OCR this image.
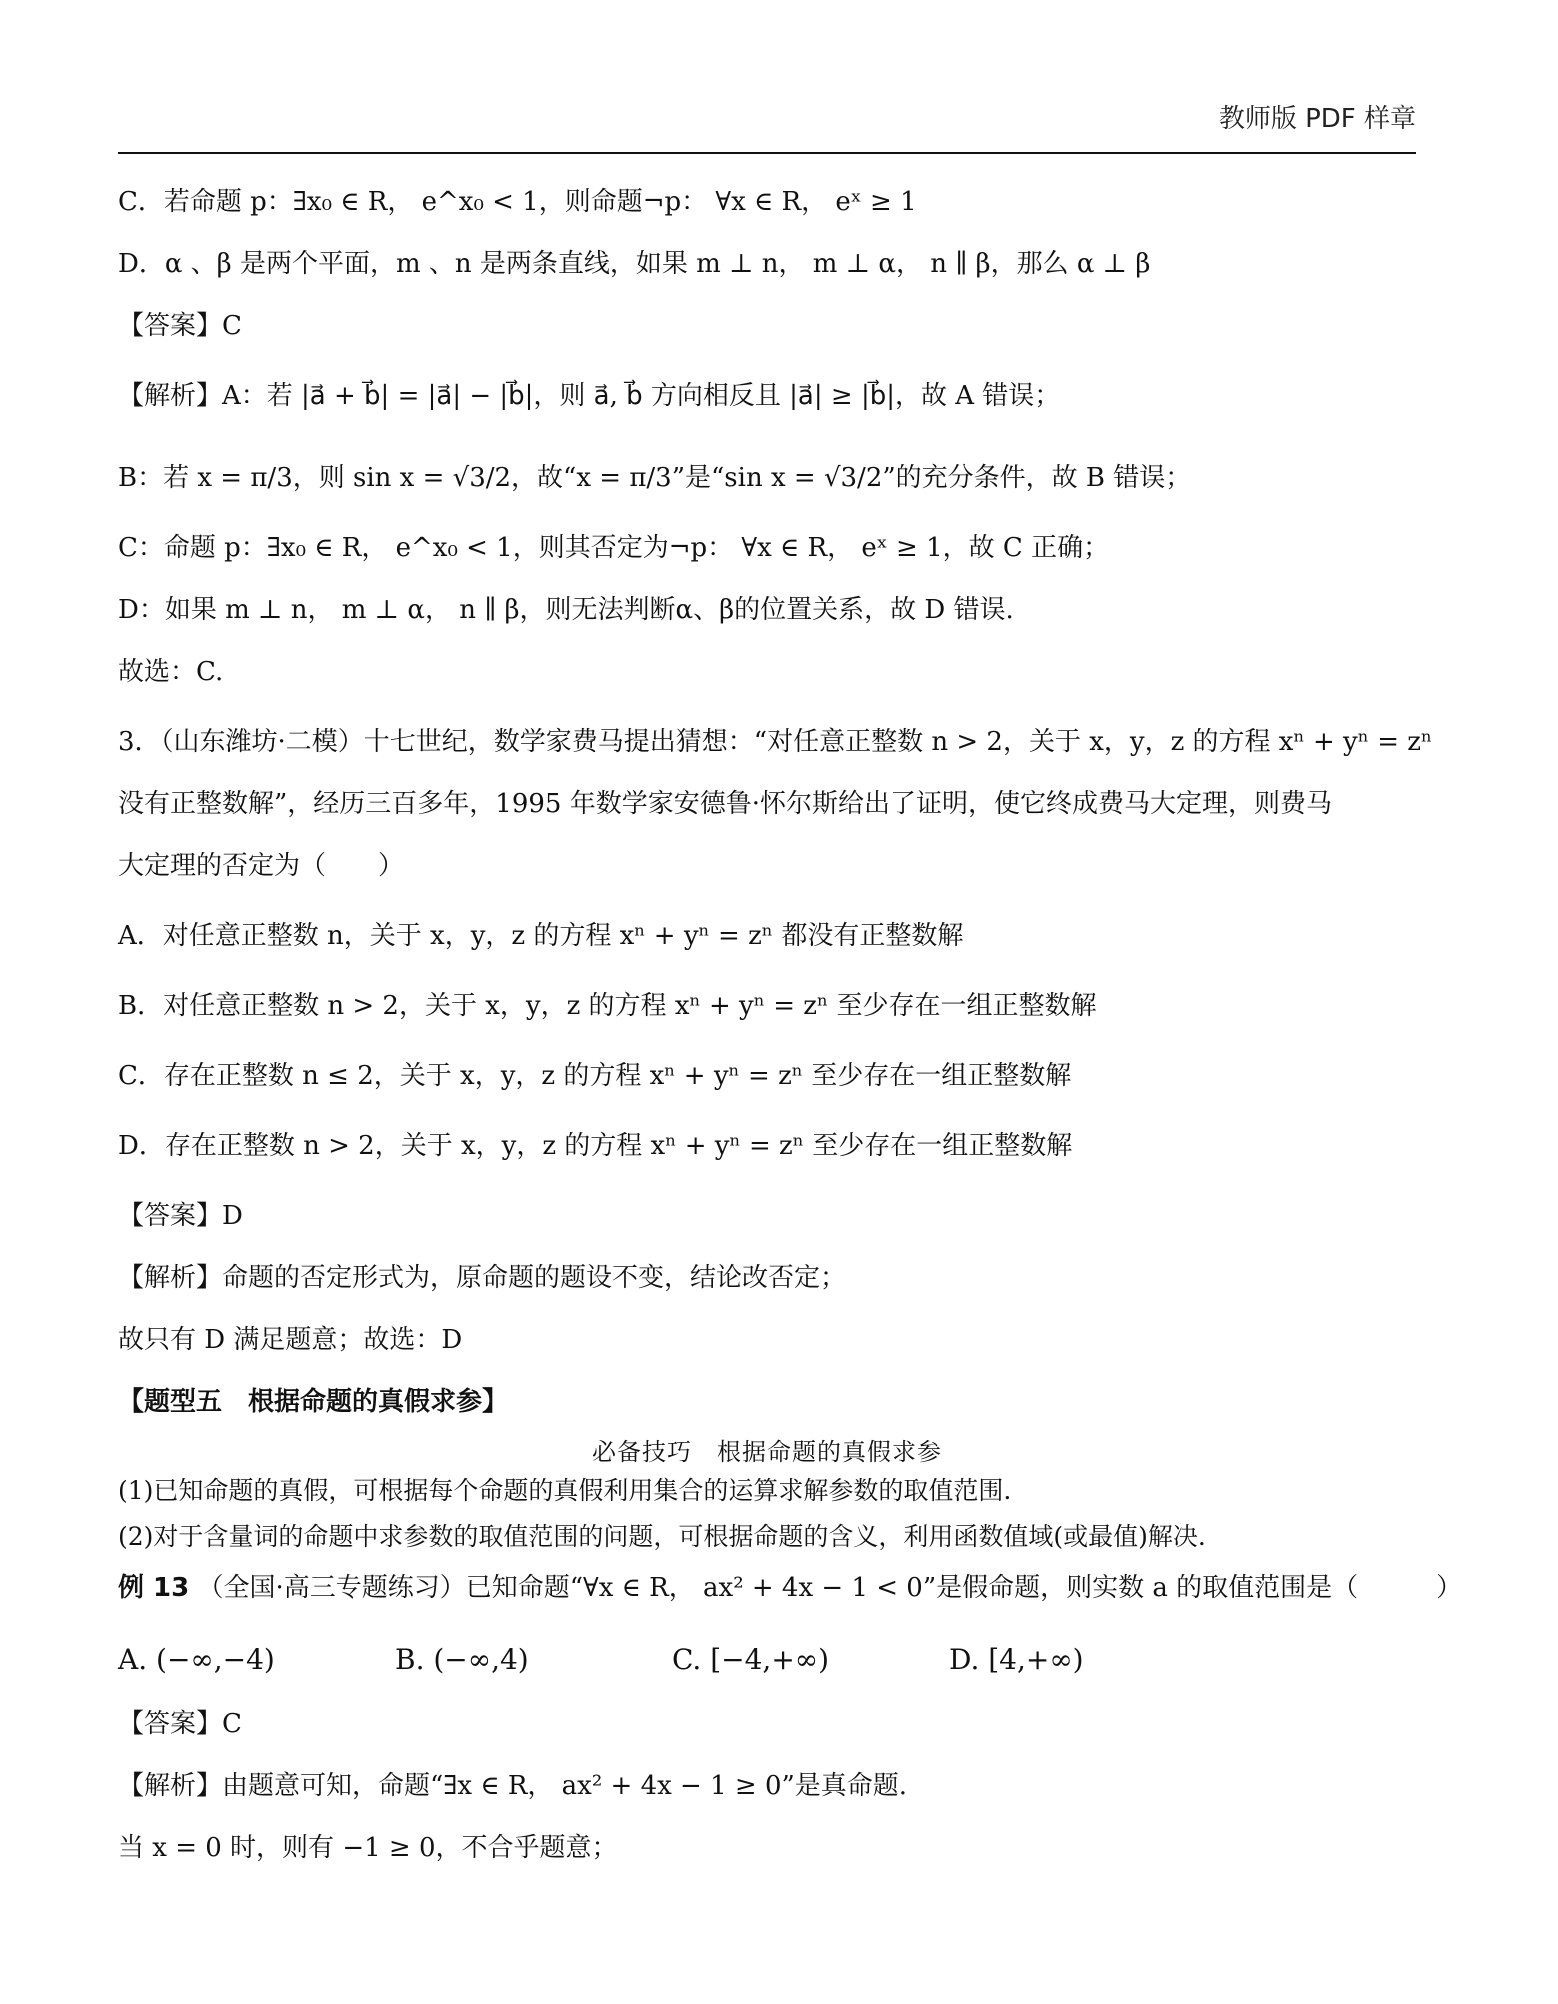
教师版 PDF 样章
C．若命题 p：∃x₀ ∈ R， e^x₀ < 1，则命题¬p： ∀x ∈ R， eˣ ≥ 1
D．α 、β 是两个平面，m 、n 是两条直线，如果 m ⊥ n， m ⊥ α， n ∥ β，那么 α ⊥ β
【答案】C
【解析】A：若 |a⃗ + b⃗| = |a⃗| − |b⃗|，则 a⃗, b⃗ 方向相反且 |a⃗| ≥ |b⃗|，故 A 错误；
B：若 x = π/3，则 sin x = √3/2，故“x = π/3”是“sin x = √3/2”的充分条件，故 B 错误；
C：命题 p：∃x₀ ∈ R， e^x₀ < 1，则其否定为¬p： ∀x ∈ R， eˣ ≥ 1，故 C 正确；
D：如果 m ⊥ n， m ⊥ α， n ∥ β，则无法判断α、β的位置关系，故 D 错误.
故选：C.
3．（山东潍坊·二模）十七世纪，数学家费马提出猜想：“对任意正整数 n > 2，关于 x，y，z 的方程 xⁿ + yⁿ = zⁿ
没有正整数解”，经历三百多年，1995 年数学家安德鲁·怀尔斯给出了证明，使它终成费马大定理，则费马
大定理的否定为（　　）
A．对任意正整数 n，关于 x，y，z 的方程 xⁿ + yⁿ = zⁿ 都没有正整数解
B．对任意正整数 n > 2，关于 x，y，z 的方程 xⁿ + yⁿ = zⁿ 至少存在一组正整数解
C．存在正整数 n ≤ 2，关于 x，y，z 的方程 xⁿ + yⁿ = zⁿ 至少存在一组正整数解
D．存在正整数 n > 2，关于 x，y，z 的方程 xⁿ + yⁿ = zⁿ 至少存在一组正整数解
【答案】D
【解析】命题的否定形式为，原命题的题设不变，结论改否定；
故只有 D 满足题意；故选：D
【题型五　根据命题的真假求参】
必备技巧　根据命题的真假求参
(1)已知命题的真假，可根据每个命题的真假利用集合的运算求解参数的取值范围.
(2)对于含量词的命题中求参数的取值范围的问题，可根据命题的含义，利用函数值域(或最值)解决.
例 13 （全国·高三专题练习）已知命题“∀x ∈ R， ax² + 4x − 1 < 0”是假命题，则实数 a 的取值范围是（　　　）
A. (−∞,−4)	B. (−∞,4)	C. [−4,+∞)	D. [4,+∞)
【答案】C
【解析】由题意可知，命题“∃x ∈ R， ax² + 4x − 1 ≥ 0”是真命题.
当 x = 0 时，则有 −1 ≥ 0，不合乎题意；
